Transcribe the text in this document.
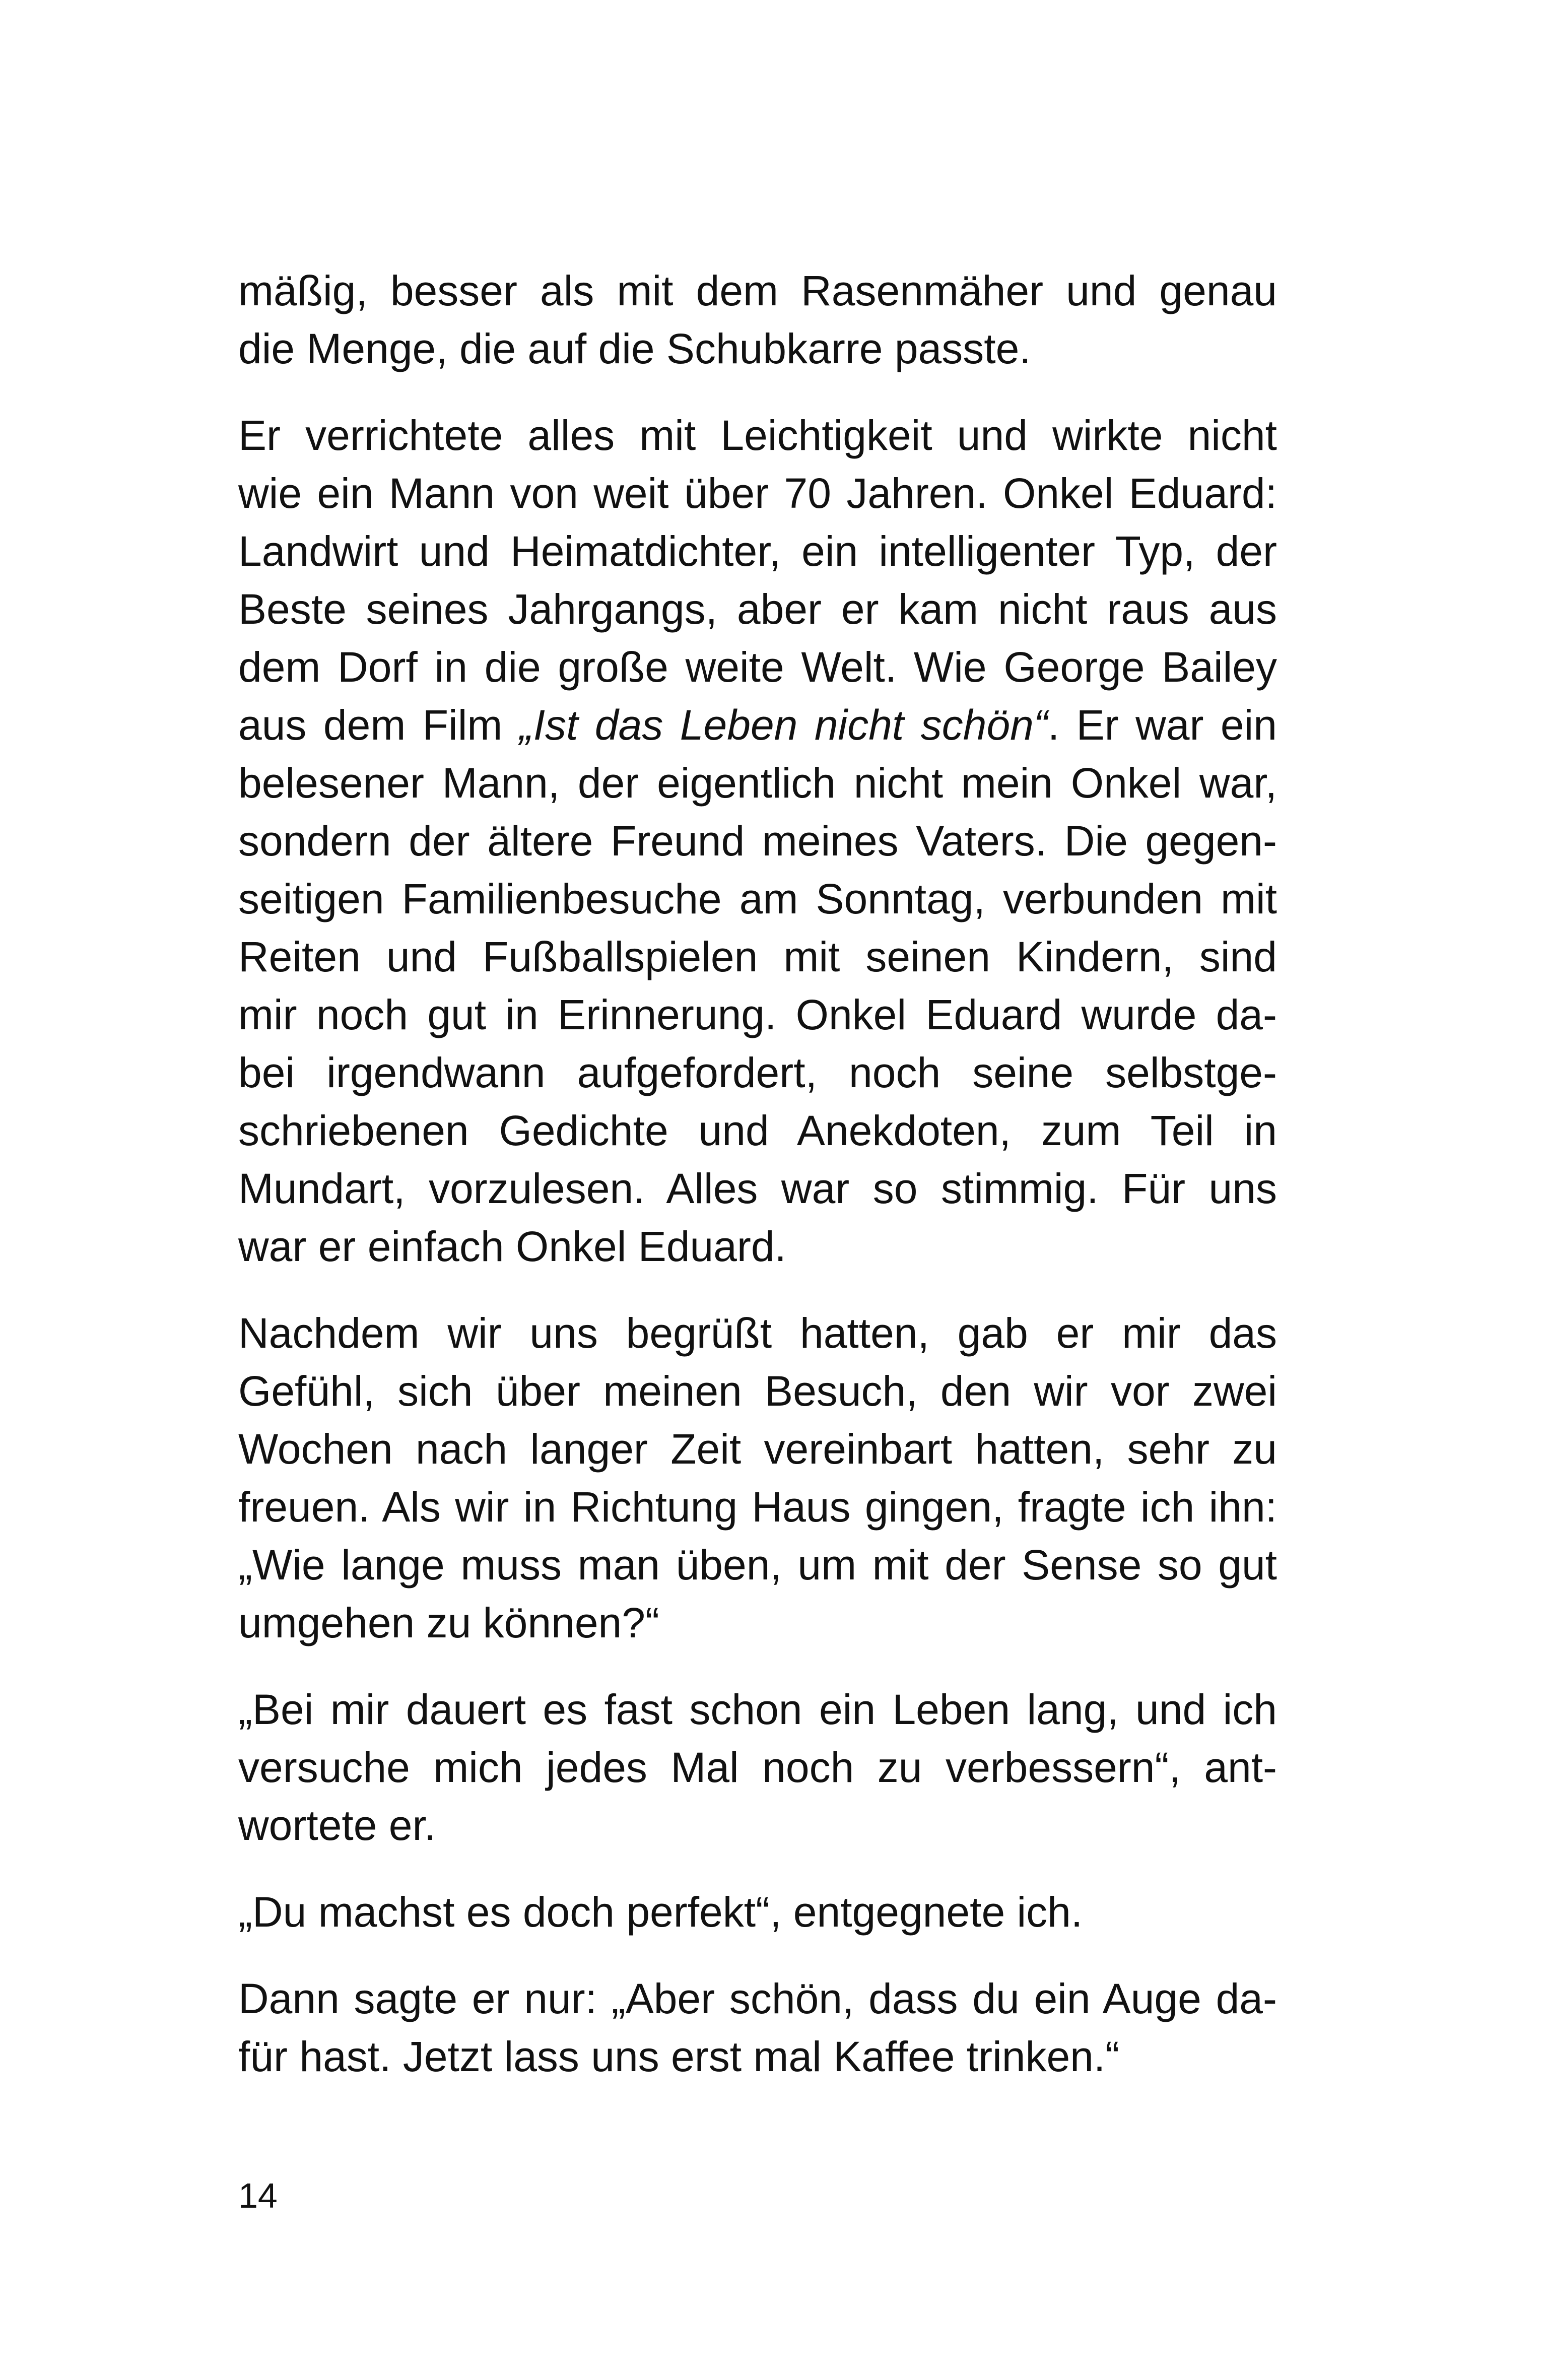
mäßig, besser als mit dem Rasenmäher und genau
die Menge, die auf die Schubkarre passte.

Er verrichtete alles mit Leichtigkeit und wirkte nicht
wie ein Mann von weit über 70 Jahren. Onkel Eduard:
Landwirt und Heimatdichter, ein intelligenter Typ, der
Beste seines Jahrgangs, aber er kam nicht raus aus
dem Dorf in die große weite Welt. Wie George Bailey
aus dem Film „Ist das Leben nicht schön“. Er war ein
belesener Mann, der eigentlich nicht mein Onkel war,
sondern der ältere Freund meines Vaters. Die gegen-
seitigen Familienbesuche am Sonntag, verbunden mit
Reiten und Fußballspielen mit seinen Kindern, sind
mir noch gut in Erinnerung. Onkel Eduard wurde da-
bei irgendwann aufgefordert, noch seine selbstge-
schriebenen Gedichte und Anekdoten, zum Teil in
Mundart, vorzulesen. Alles war so stimmig. Für uns
war er einfach Onkel Eduard.

Nachdem wir uns begrüßt hatten, gab er mir das
Gefühl, sich über meinen Besuch, den wir vor zwei
Wochen nach langer Zeit vereinbart hatten, sehr zu
freuen. Als wir in Richtung Haus gingen, fragte ich ihn:
„Wie lange muss man üben, um mit der Sense so gut
umgehen zu können?“

„Bei mir dauert es fast schon ein Leben lang, und ich
versuche mich jedes Mal noch zu verbessern“, ant-
wortete er.

„Du machst es doch perfekt“, entgegnete ich.

Dann sagte er nur: „Aber schön, dass du ein Auge da-
für hast. Jetzt lass uns erst mal Kaffee trinken.“

14
